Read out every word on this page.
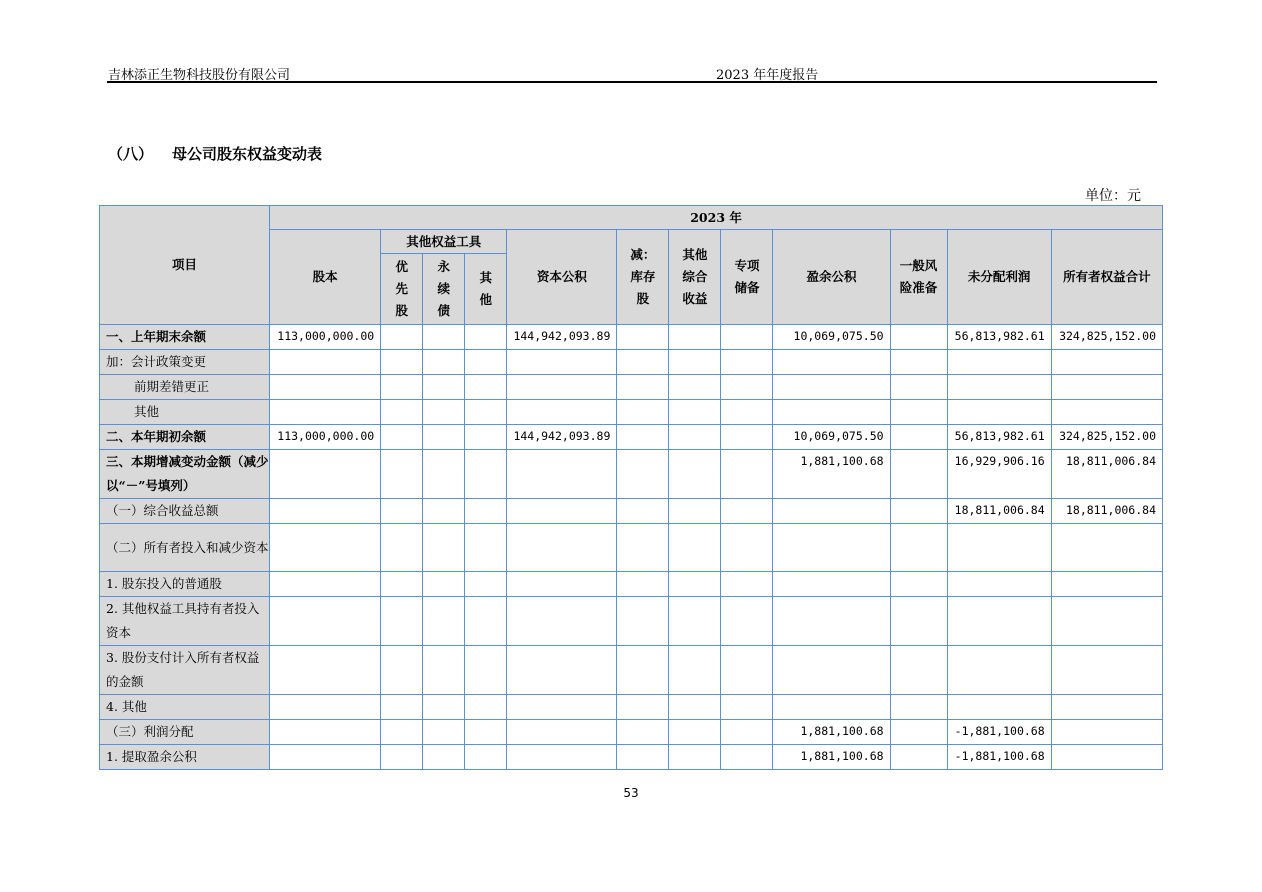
吉林添正生物科技股份有限公司	2023 年年度报告
（八） 母公司股东权益变动表
单位：元
项目	2023 年											
	股本	其他权益工具			资本公积	减：库存股	其他综合收益	专项储备	盈余公积	一般风险准备	未分配利润	所有者权益合计
		优先股	永续债	其他								
一、上年期末余额	113,000,000.00				144,942,093.89				10,069,075.50		56,813,982.61	324,825,152.00
加：会计政策变更												
前期差错更正												
其他												
二、本年期初余额	113,000,000.00				144,942,093.89				10,069,075.50		56,813,982.61	324,825,152.00
三、本期增减变动金额（减少以“－”号填列）									1,881,100.68		16,929,906.16	18,811,006.84
（一）综合收益总额											18,811,006.84	18,811,006.84
（二）所有者投入和减少资本												
1. 股东投入的普通股												
2. 其他权益工具持有者投入资本												
3. 股份支付计入所有者权益的金额												
4. 其他												
（三）利润分配									1,881,100.68		-1,881,100.68	
1. 提取盈余公积									1,881,100.68		-1,881,100.68	
53
